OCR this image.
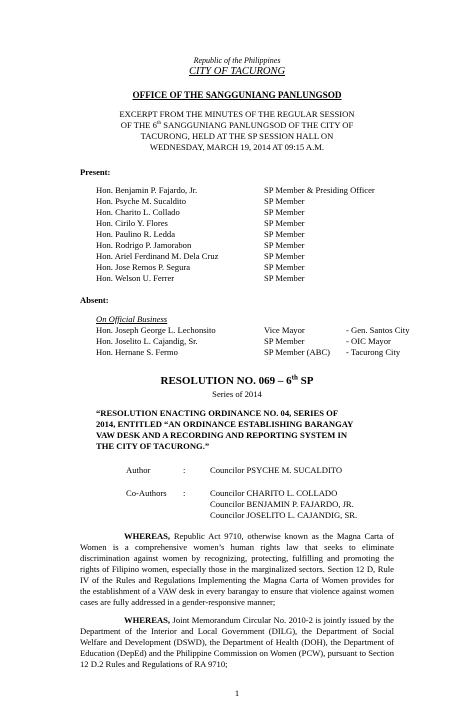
Republic of the Philippines
CITY OF TACURONG
OFFICE OF THE SANGGUNIANG PANLUNGSOD
EXCERPT FROM THE MINUTES OF THE REGULAR SESSION
OF THE 6th SANGGUNIANG PANLUNGSOD OF THE CITY OF
TACURONG, HELD AT THE SP SESSION HALL ON
WEDNESDAY, MARCH 19, 2014 AT 09:15 A.M.
Present:
Hon. Benjamin P. Fajardo, Jr.	SP Member & Presiding Officer
Hon. Psyche M. Sucaldito	SP Member
Hon. Charito L. Collado	SP Member
Hon. Cirilo Y. Flores	SP Member
Hon. Paulino R. Ledda	SP Member
Hon. Rodrigo P. Jamorabon	SP Member
Hon. Ariel Ferdinand M. Dela Cruz	SP Member
Hon. Jose Remos P. Segura	SP Member
Hon. Welson U. Ferrer	SP Member
Absent:
On Official Business
Hon. Joseph George L. Lechonsito	Vice Mayor	- Gen. Santos City
Hon. Joselito L. Cajandig, Sr.	SP Member	- OIC Mayor
Hon. Hernane S. Fermo	SP Member (ABC) - Tacurong City
RESOLUTION NO. 069 – 6th SP
Series of 2014
“RESOLUTION ENACTING ORDINANCE NO. 04, SERIES OF
2014, ENTITLED “AN ORDINANCE ESTABLISHING BARANGAY
VAW DESK AND A RECORDING AND REPORTING SYSTEM IN
THE CITY OF TACURONG.”
Author	:	Councilor PSYCHE M. SUCALDITO
Co-Authors :	Councilor CHARITO L. COLLADO
Councilor BENJAMIN P. FAJARDO, JR.
Councilor JOSELITO L. CAJANDIG, SR.
WHEREAS, Republic Act 9710, otherwise known as the Magna Carta of Women is a comprehensive women’s human rights law that seeks to eliminate discrimination against women by recognizing, protecting, fulfilling and promoting the rights of Filipino women, especially those in the marginalized sectors. Section 12 D, Rule IV of the Rules and Regulations Implementing the Magna Carta of Women provides for the establishment of a VAW desk in every barangay to ensure that violence against women cases are fully addressed in a gender-responsive manner;
WHEREAS, Joint Memorandum Circular No. 2010-2 is jointly issued by the Department of the Interior and Local Government (DILG), the Department of Social Welfare and Development (DSWD), the Department of Health (DOH), the Department of Education (DepEd) and the Philippine Commission on Women (PCW), pursuant to Section 12 D.2 Rules and Regulations of RA 9710;
1
